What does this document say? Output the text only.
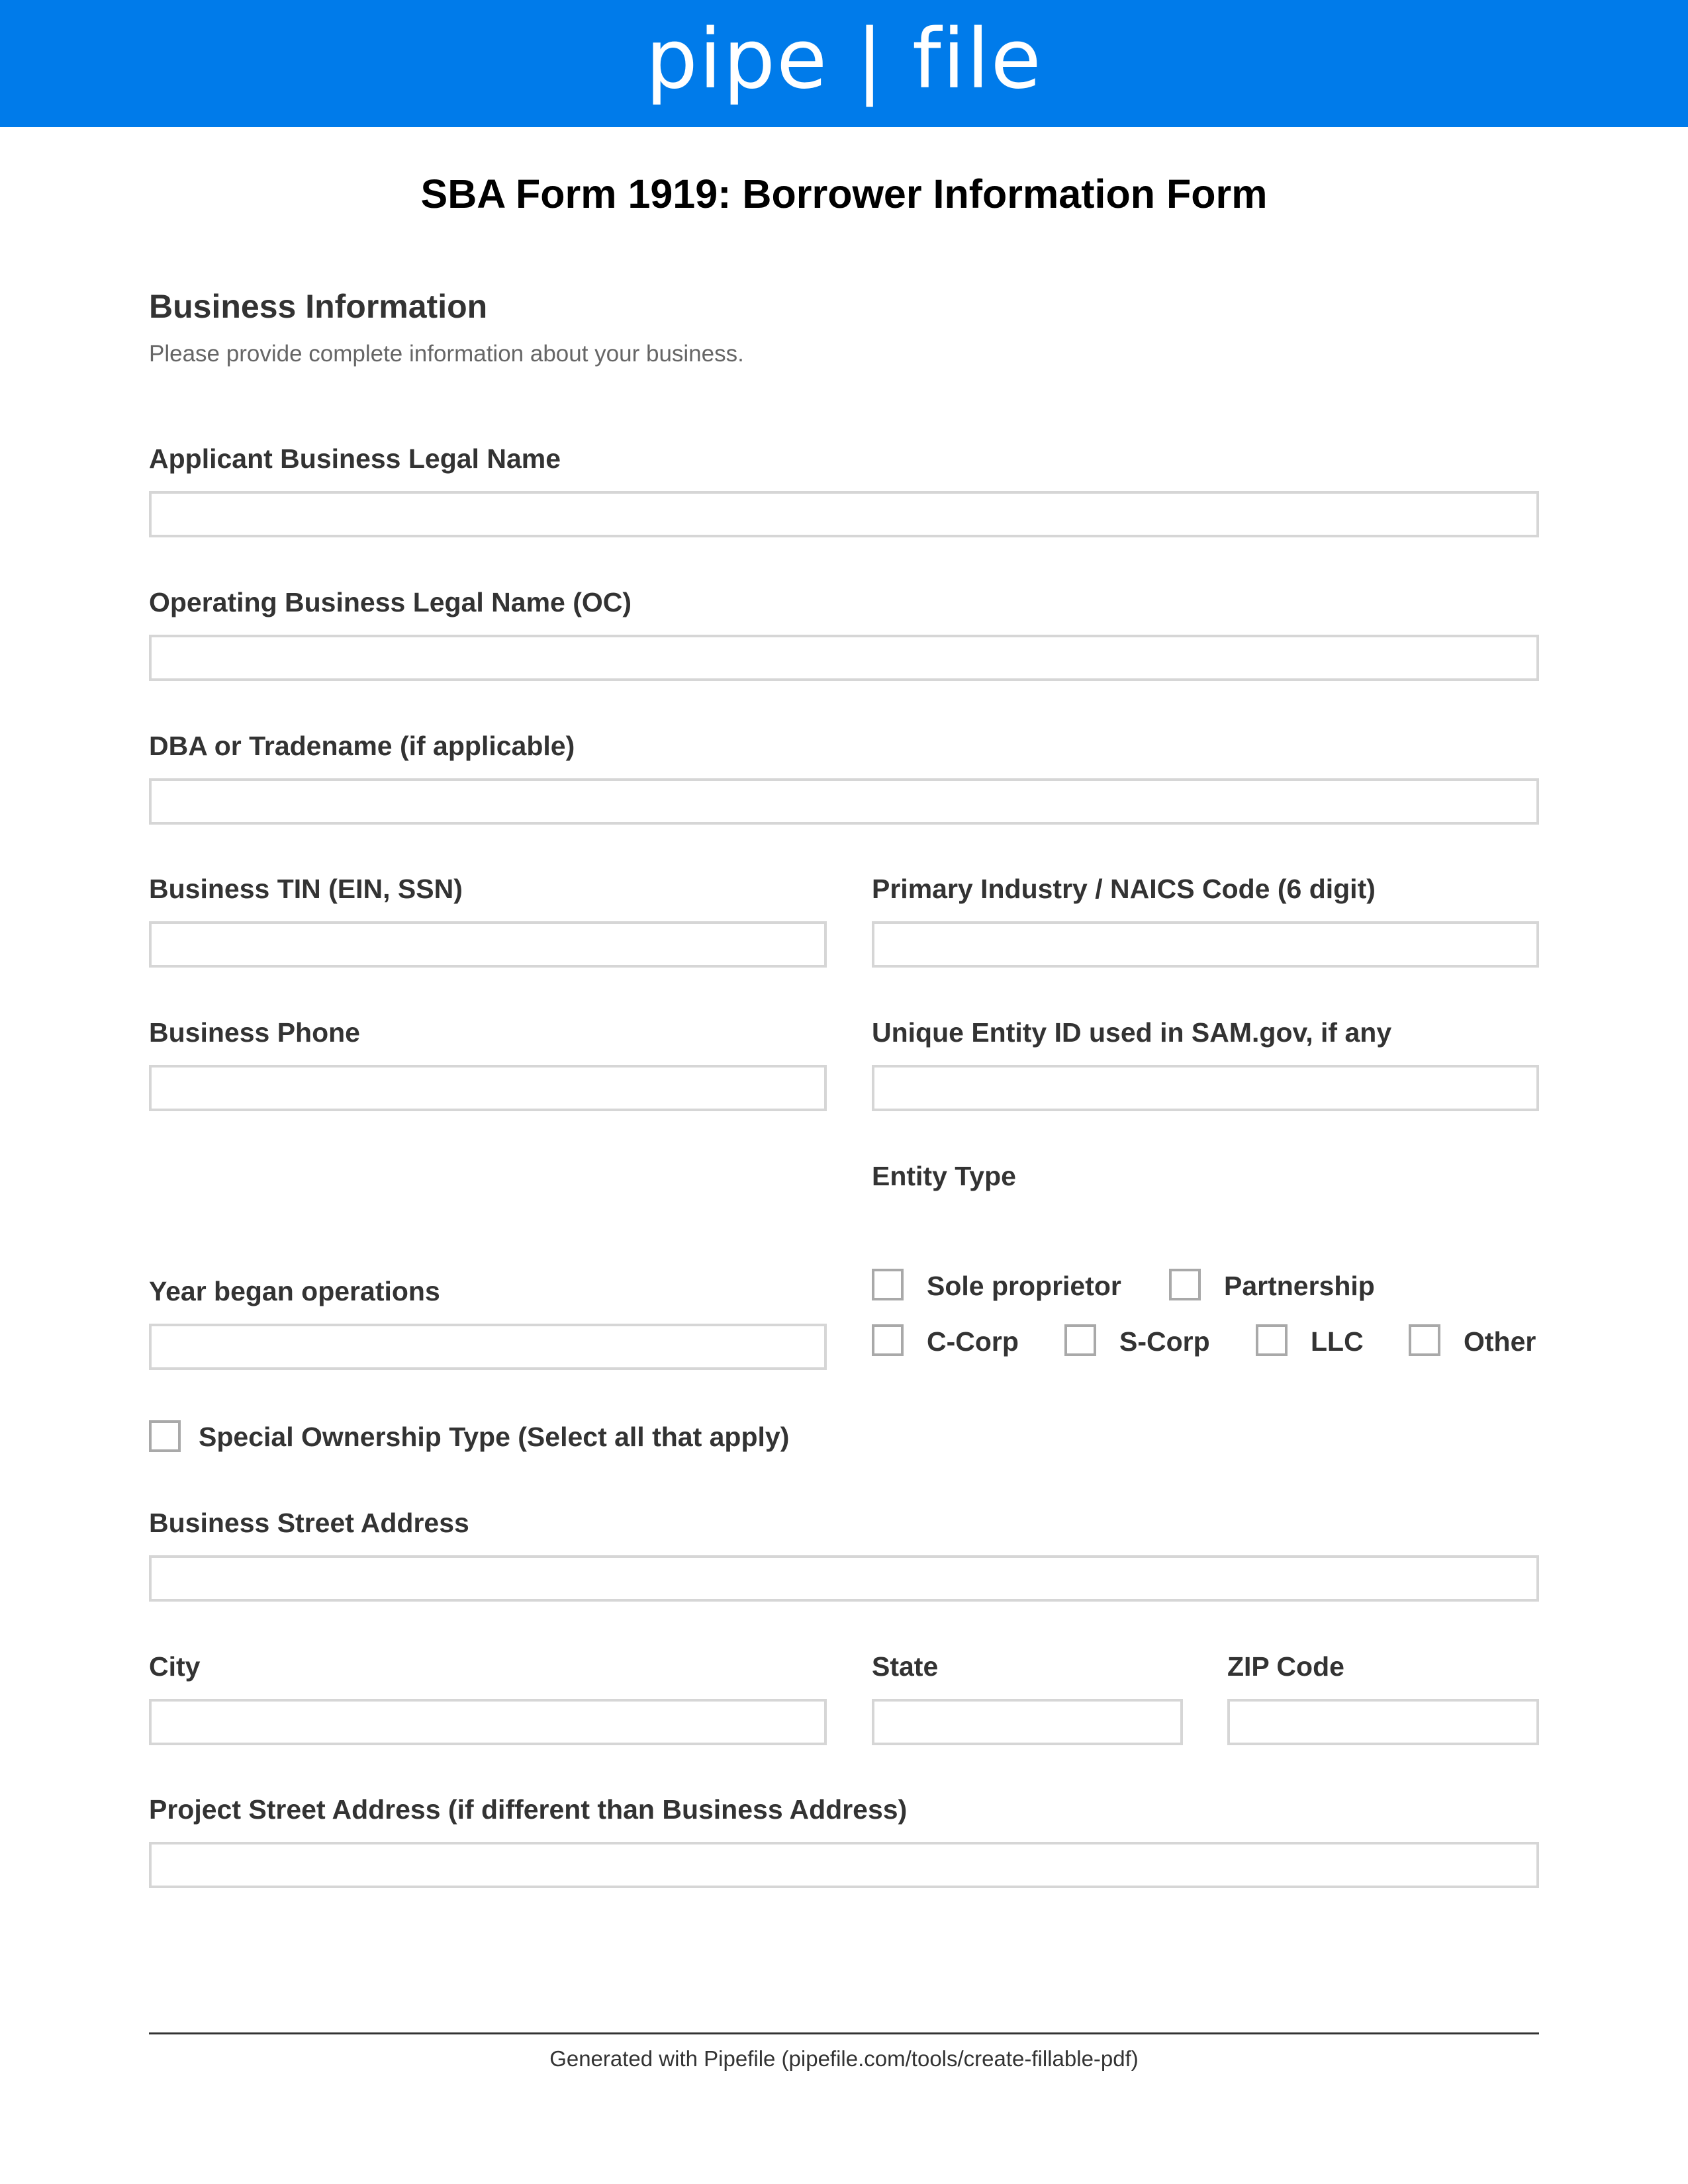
pipe | file
SBA Form 1919: Borrower Information Form
Business Information
Please provide complete information about your business.
Applicant Business Legal Name
Operating Business Legal Name (OC)
DBA or Tradename (if applicable)
Business TIN (EIN, SSN)	Primary Industry / NAICS Code (6 digit)
Business Phone	Unique Entity ID used in SAM.gov, if any
Entity Type
Sole proprietor	Partnership
C-Corp	S-Corp	LLC	Other
Year began operations
Special Ownership Type (Select all that apply)
Business Street Address
City	State	ZIP Code
Project Street Address (if different than Business Address)
Generated with Pipefile (pipefile.com/tools/create-fillable-pdf)
